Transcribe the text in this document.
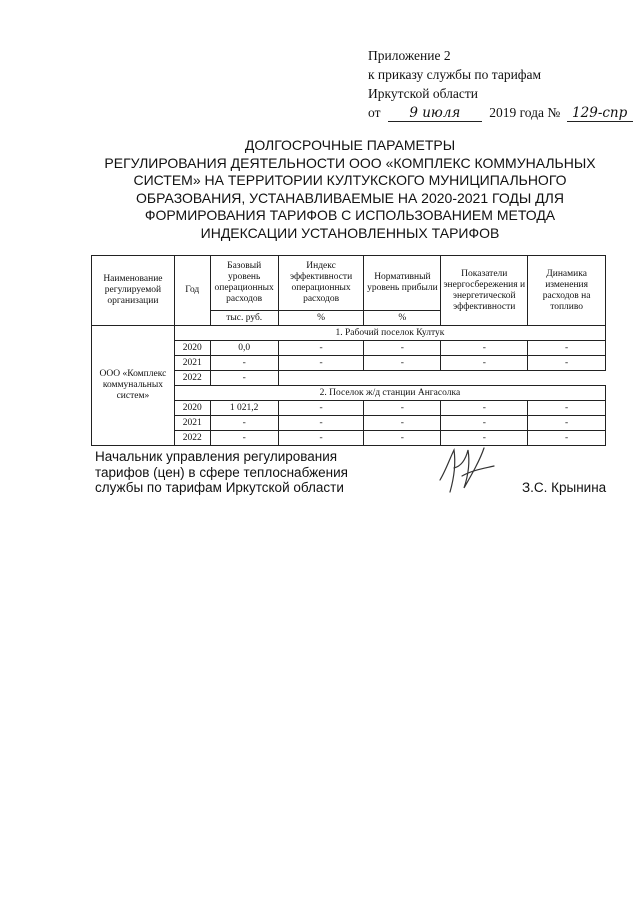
Приложение 2
к приказу службы по тарифам
Иркутской области
от 9 июля 2019 года № 129-спр
ДОЛГОСРОЧНЫЕ ПАРАМЕТРЫ
РЕГУЛИРОВАНИЯ ДЕЯТЕЛЬНОСТИ ООО «КОМПЛЕКС КОММУНАЛЬНЫХ
СИСТЕМ» НА ТЕРРИТОРИИ КУЛТУКСКОГО МУНИЦИПАЛЬНОГО
ОБРАЗОВАНИЯ, УСТАНАВЛИВАЕМЫЕ НА 2020-2021 ГОДЫ ДЛЯ
ФОРМИРОВАНИЯ ТАРИФОВ С ИСПОЛЬЗОВАНИЕМ МЕТОДА
ИНДЕКСАЦИИ УСТАНОВЛЕННЫХ ТАРИФОВ
Наименование регулируемой организации	Год	Базовый уровень операционных расходов	Индекс эффективности операционных расходов	Нормативный уровень прибыли	Показатели энергосбережения и энергетической эффективности	Динамика изменения расходов на топливо
		тыс. руб.	%	%		
ООО «Комплекс коммунальных систем»	1. Рабочий поселок Култук					
	2020	0,0	-	-	-	-
	2021	-	-	-	-	-
	2022	-				
	2. Поселок ж/д станции Ангасолка					
	2020	1 021,2	-	-	-	-
	2021	-	-	-	-	-
	2022	-	-	-	-	-
Начальник управления регулирования
тарифов (цен) в сфере теплоснабжения
службы по тарифам Иркутской области	З.С. Крынина
